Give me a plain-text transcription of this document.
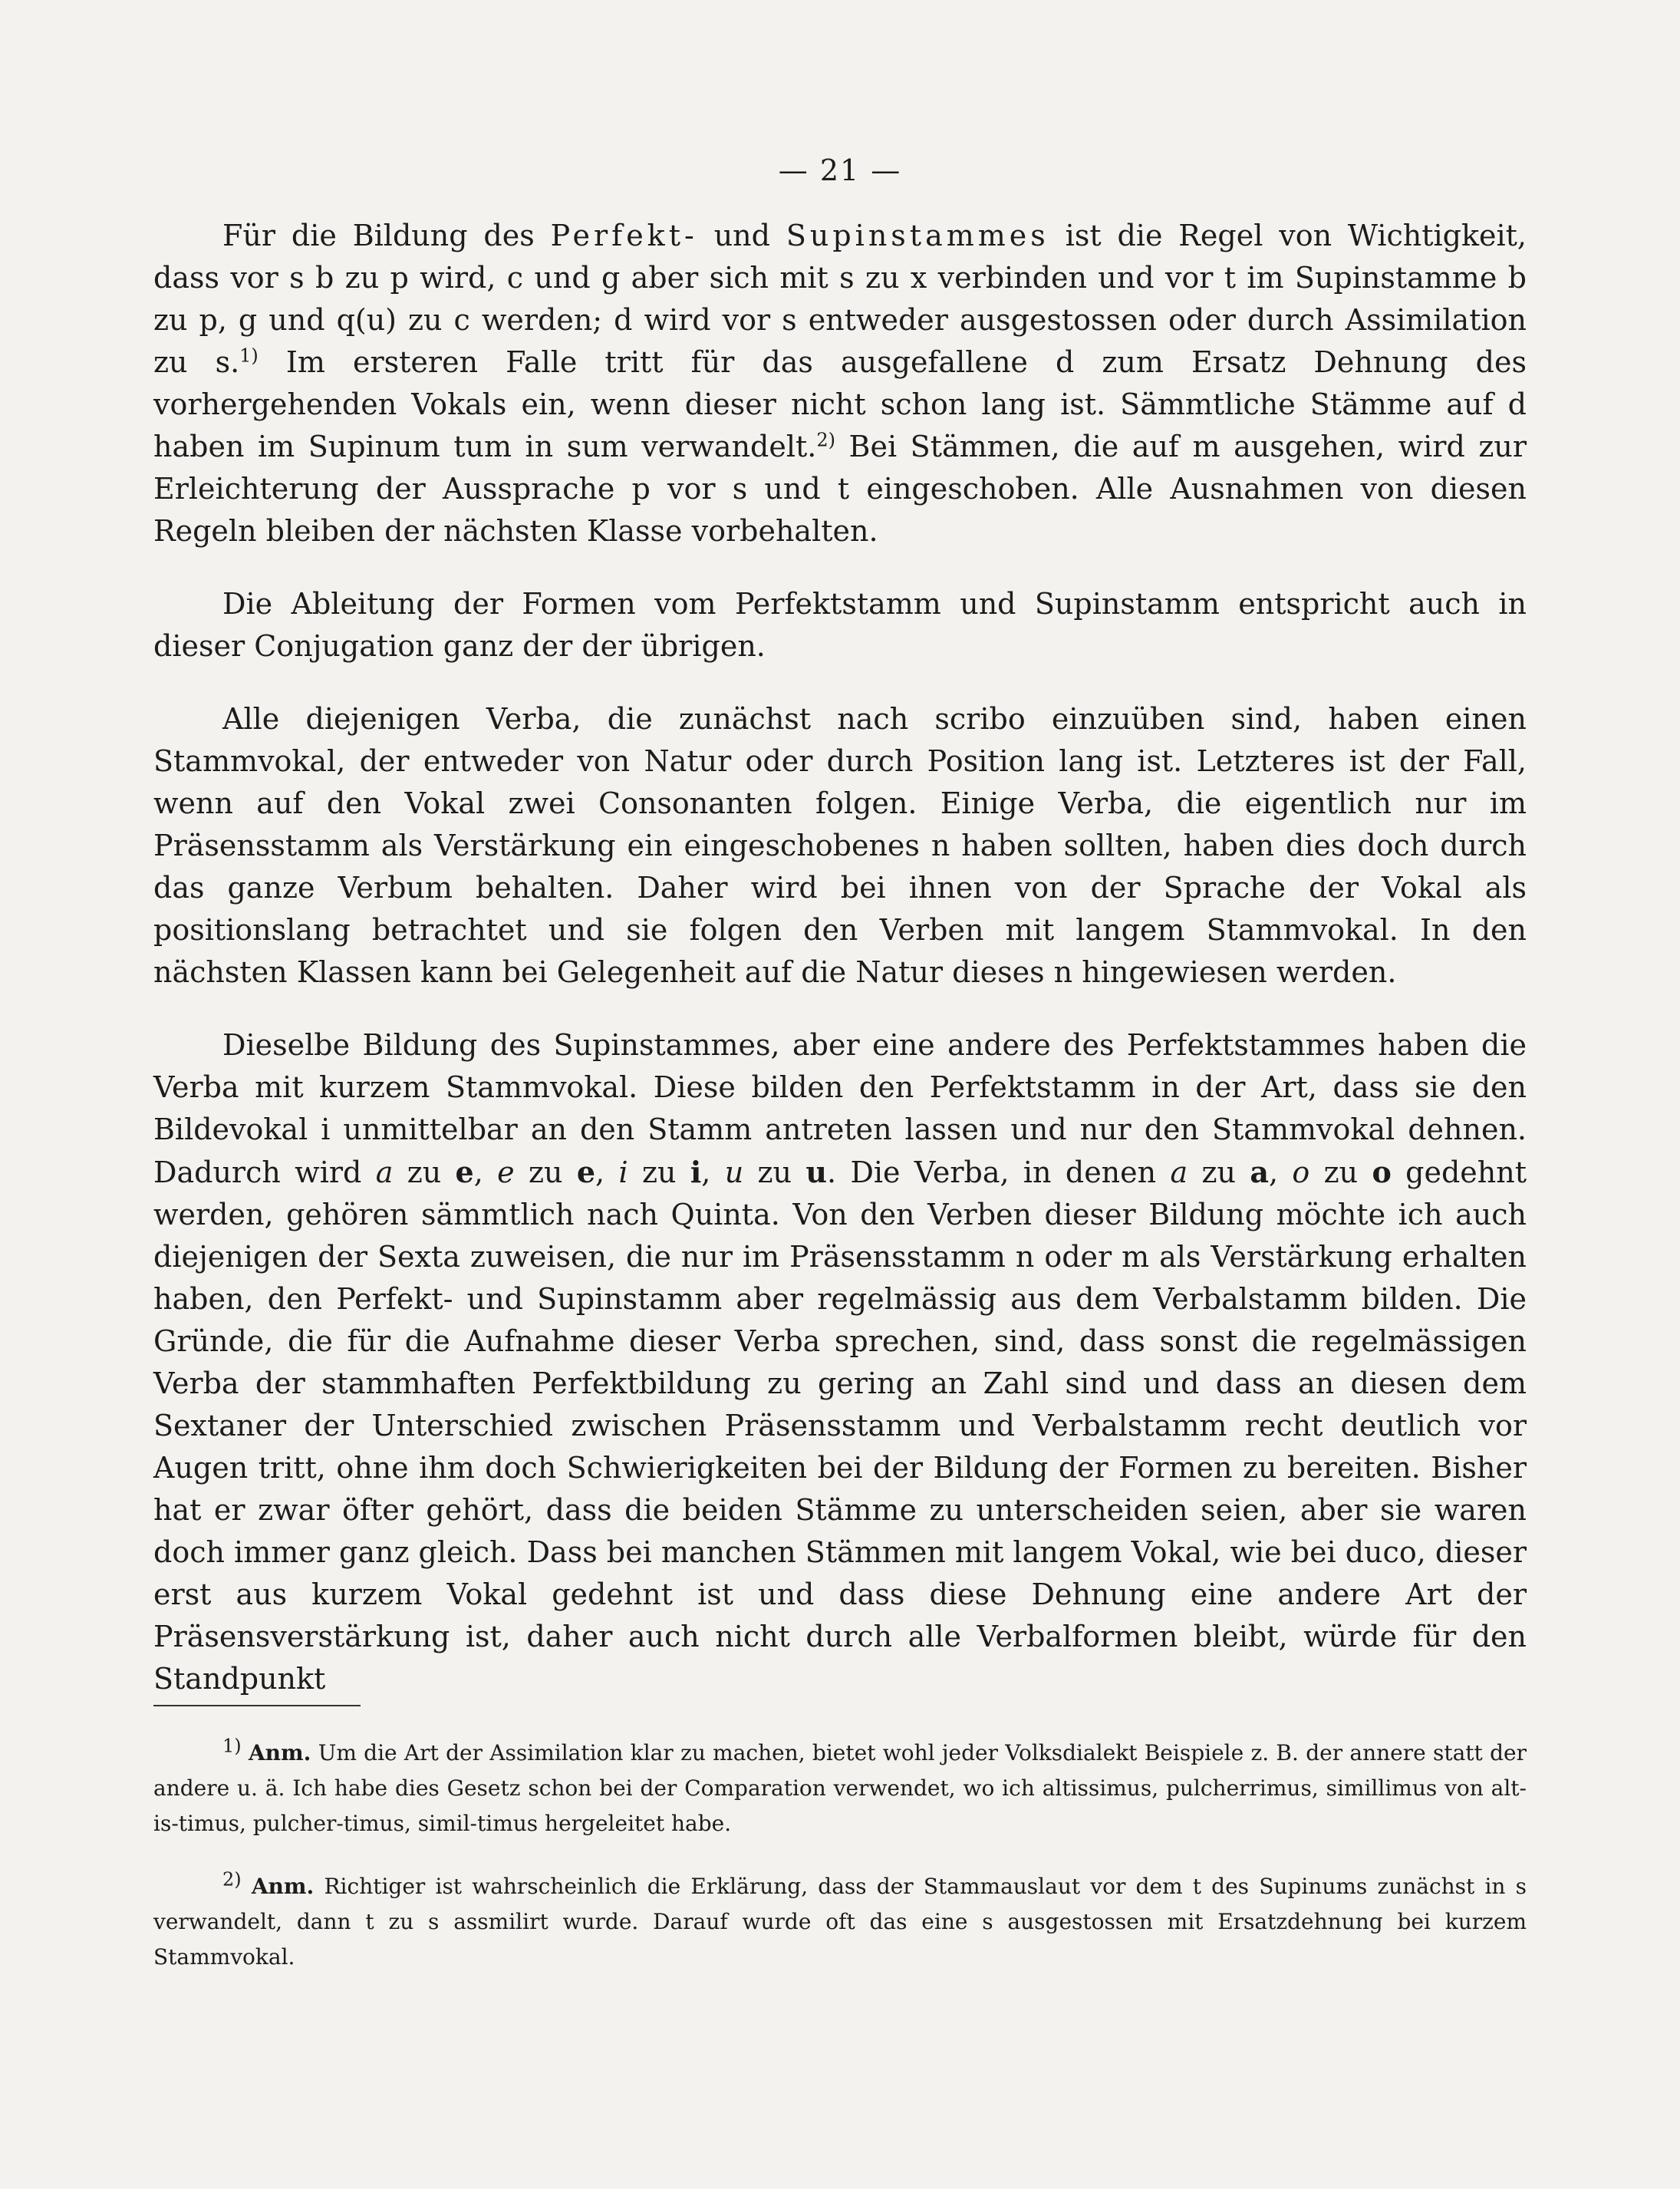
— 21 —

Für die Bildung des Perfekt- und Supinstammes ist die Regel von Wichtigkeit, dass vor s b zu p wird, c und g aber sich mit s zu x verbinden und vor t im Supinstamme b zu p, g und q(u) zu c werden; d wird vor s entweder ausgestossen oder durch Assimilation zu s.$^{1)}$ Im ersteren Falle tritt für das ausgefallene d zum Ersatz Dehnung des vorhergehenden Vokals ein, wenn dieser nicht schon lang ist. Sämmtliche Stämme auf d haben im Supinum tum in sum verwandelt.$^{2)}$ Bei Stämmen, die auf m ausgehen, wird zur Erleichterung der Aussprache p vor s und t eingeschoben. Alle Ausnahmen von diesen Regeln bleiben der nächsten Klasse vorbehalten.

Die Ableitung der Formen vom Perfektstamm und Supinstamm entspricht auch in dieser Conjugation ganz der der übrigen.

Alle diejenigen Verba, die zunächst nach scribo einzuüben sind, haben einen Stammvokal, der entweder von Natur oder durch Position lang ist. Letzteres ist der Fall, wenn auf den Vokal zwei Consonanten folgen. Einige Verba, die eigentlich nur im Präsensstamm als Verstärkung ein eingeschobenes n haben sollten, haben dies doch durch das ganze Verbum behalten. Daher wird bei ihnen von der Sprache der Vokal als positionslang betrachtet und sie folgen den Verben mit langem Stammvokal. In den nächsten Klassen kann bei Gelegenheit auf die Natur dieses n hingewiesen werden.

Dieselbe Bildung des Supinstammes, aber eine andere des Perfektstammes haben die Verba mit kurzem Stammvokal. Diese bilden den Perfektstamm in der Art, dass sie den Bildevokal i unmittelbar an den Stamm antreten lassen und nur den Stammvokal dehnen. Dadurch wird a zu e, e zu e, i zu i, u zu u. Die Verba, in denen a zu a, o zu o gedehnt werden, gehören sämmtlich nach Quinta. Von den Verben dieser Bildung möchte ich auch diejenigen der Sexta zuweisen, die nur im Präsensstamm n oder m als Verstärkung erhalten haben, den Perfekt- und Supinstamm aber regelmässig aus dem Verbalstamm bilden. Die Gründe, die für die Aufnahme dieser Verba sprechen, sind, dass sonst die regelmässigen Verba der stammhaften Perfektbildung zu gering an Zahl sind und dass an diesen dem Sextaner der Unterschied zwischen Präsensstamm und Verbalstamm recht deutlich vor Augen tritt, ohne ihm doch Schwierigkeiten bei der Bildung der Formen zu bereiten. Bisher hat er zwar öfter gehört, dass die beiden Stämme zu unterscheiden seien, aber sie waren doch immer ganz gleich. Dass bei manchen Stämmen mit langem Vokal, wie bei duco, dieser erst aus kurzem Vokal gedehnt ist und dass diese Dehnung eine andere Art der Präsensverstärkung ist, daher auch nicht durch alle Verbalformen bleibt, würde für den Standpunkt

$^{1)}$ Anm. Um die Art der Assimilation klar zu machen, bietet wohl jeder Volksdialekt Beispiele z. B. der annere statt der andere u. ä. Ich habe dies Gesetz schon bei der Comparation verwendet, wo ich altissimus, pulcherrimus, simillimus von alt-is-timus, pulcher-timus, simil-timus hergeleitet habe.

$^{2)}$ Anm. Richtiger ist wahrscheinlich die Erklärung, dass der Stammauslaut vor dem t des Supinums zunächst in s verwandelt, dann t zu s assmilirt wurde. Darauf wurde oft das eine s ausgestossen mit Ersatzdehnung bei kurzem Stammvokal.
